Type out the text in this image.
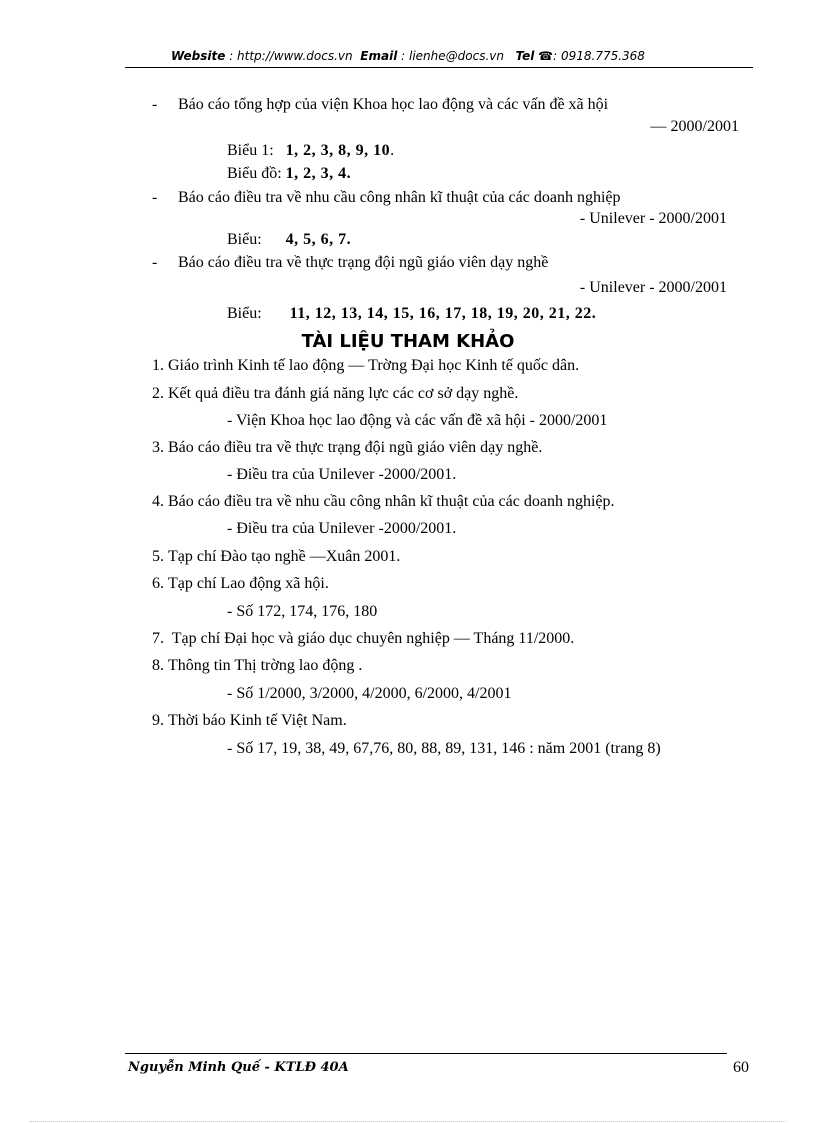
Website : http://www.docs.vn Email : lienhe@docs.vn Tel ☎: 0918.775.368
- Báo cáo tổng hợp của viện Khoa học lao động và các vấn đề xã hội
— 2000/2001
Biểu 1: 1, 2, 3, 8, 9, 10.
Biểu đồ: 1, 2, 3, 4.
- Báo cáo điều tra về nhu cầu công nhân kĩ thuật của các doanh nghiệp
- Unilever - 2000/2001
Biểu: 4, 5, 6, 7.
- Báo cáo điều tra về thực trạng đội ngũ giáo viên dạy nghề
- Unilever - 2000/2001
Biểu: 11, 12, 13, 14, 15, 16, 17, 18, 19, 20, 21, 22.
TÀI LIỆU THAM KHẢO
1. Giáo trình Kinh tế lao động — Trờng Đại học Kinh tế quốc dân.
2. Kết quả điều tra đánh giá năng lực các cơ sở dạy nghề.
- Viện Khoa học lao động và các vấn đề xã hội - 2000/2001
3. Báo cáo điều tra về thực trạng đội ngũ giáo viên dạy nghề.
- Điều tra của Unilever -2000/2001.
4. Báo cáo điều tra về nhu cầu công nhân kĩ thuật của các doanh nghiệp.
- Điều tra của Unilever -2000/2001.
5. Tạp chí Đào tạo nghề —Xuân 2001.
6. Tạp chí Lao động xã hội.
- Số 172, 174, 176, 180
7.  Tạp chí Đại học và giáo dục chuyên nghiệp — Tháng 11/2000.
8. Thông tin Thị trờng lao động .
- Số 1/2000, 3/2000, 4/2000, 6/2000, 4/2001
9. Thời báo Kinh tế Việt Nam.
- Số 17, 19, 38, 49, 67,76, 80, 88, 89, 131, 146 : năm 2001 (trang 8)
Nguyễn Minh Quế - KTLĐ 40A	60
